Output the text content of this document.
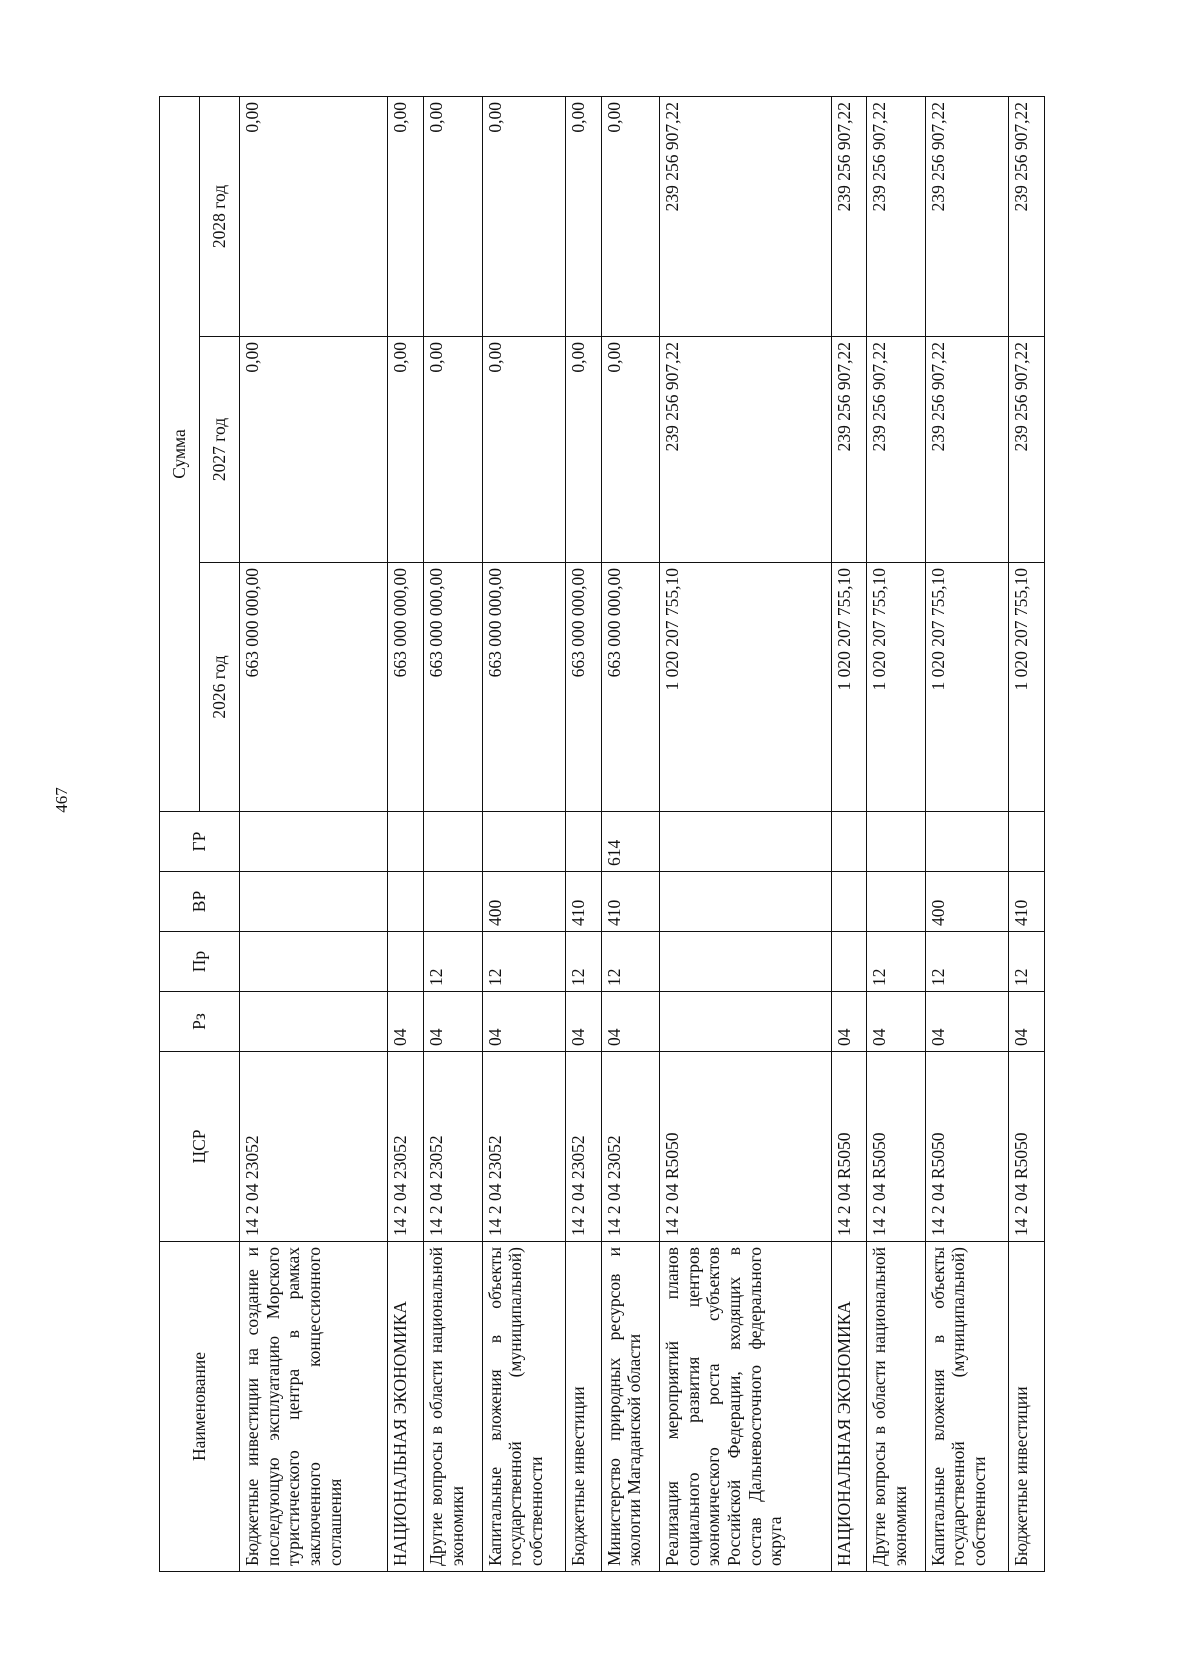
467
Наименование	ЦСР	Рз	Пр	ВР	ГР	Сумма		
						2026 год	2027 год	2028 год
Бюджетные инвестиции на создание и последующую эксплуатацию Морского туристического центра в рамках заключенного концессионного соглашения	14 2 04 23052					663 000 000,00	0,00	0,00
НАЦИОНАЛЬНАЯ ЭКОНОМИКА	14 2 04 23052	04				663 000 000,00	0,00	0,00
Другие вопросы в области национальной экономики	14 2 04 23052	04	12			663 000 000,00	0,00	0,00
Капитальные вложения в объекты государственной (муниципальной) собственности	14 2 04 23052	04	12	400		663 000 000,00	0,00	0,00
Бюджетные инвестиции	14 2 04 23052	04	12	410		663 000 000,00	0,00	0,00
Министерство природных ресурсов и экологии Магаданской области	14 2 04 23052	04	12	410	614	663 000 000,00	0,00	0,00
Реализация мероприятий планов социального развития центров экономического роста субъектов Российской Федерации, входящих в состав Дальневосточного федерального округа	14 2 04 R5050					1 020 207 755,10	239 256 907,22	239 256 907,22
НАЦИОНАЛЬНАЯ ЭКОНОМИКА	14 2 04 R5050	04				1 020 207 755,10	239 256 907,22	239 256 907,22
Другие вопросы в области национальной экономики	14 2 04 R5050	04	12			1 020 207 755,10	239 256 907,22	239 256 907,22
Капитальные вложения в объекты государственной (муниципальной) собственности	14 2 04 R5050	04	12	400		1 020 207 755,10	239 256 907,22	239 256 907,22
Бюджетные инвестиции	14 2 04 R5050	04	12	410		1 020 207 755,10	239 256 907,22	239 256 907,22
